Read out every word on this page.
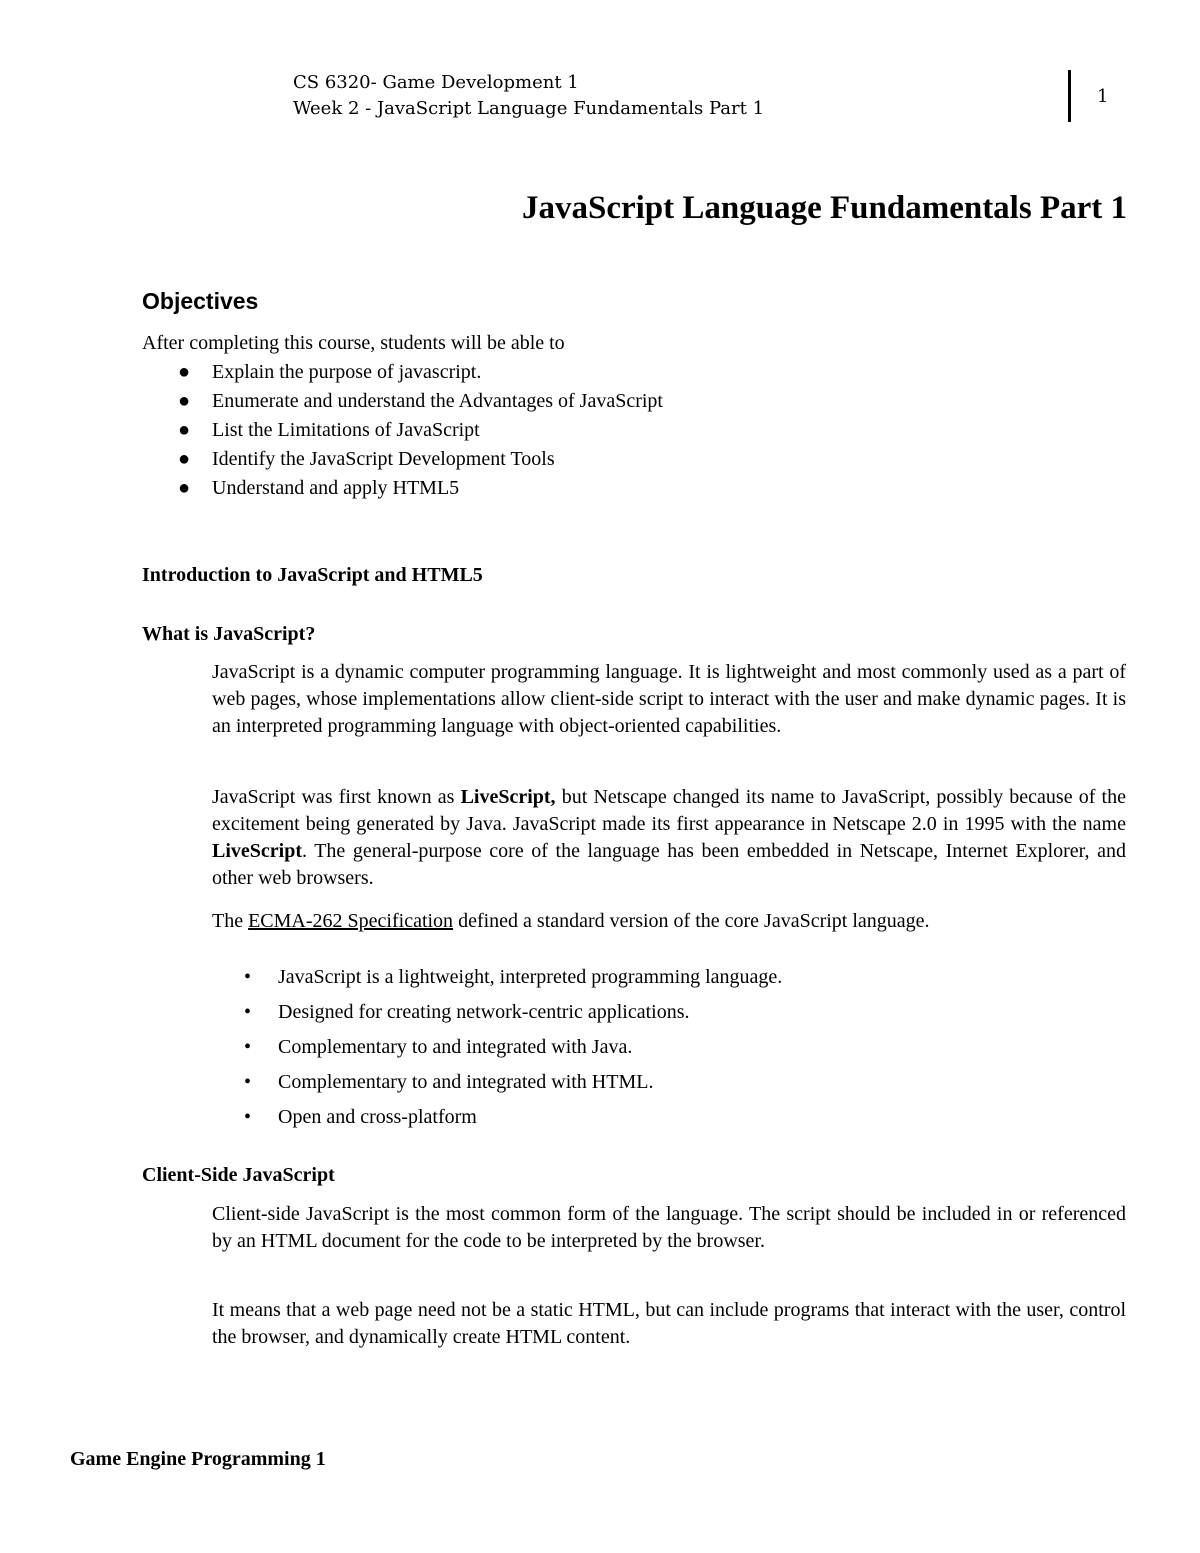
CS 6320- Game Development 1
Week 2 - JavaScript Language Fundamentals Part 1
1
JavaScript Language Fundamentals Part 1
Objectives
After completing this course, students will be able to
●	Explain the purpose of javascript.
●	Enumerate and understand the Advantages of JavaScript
●	List the Limitations of JavaScript
●	Identify the JavaScript Development Tools
●	Understand and apply HTML5
Introduction to JavaScript and HTML5
What is JavaScript?
JavaScript is a dynamic computer programming language. It is lightweight and most commonly used as a part of web pages, whose implementations allow client-side script to interact with the user and make dynamic pages. It is an interpreted programming language with object-oriented capabilities.
JavaScript was first known as LiveScript, but Netscape changed its name to JavaScript, possibly because of the excitement being generated by Java. JavaScript made its first appearance in Netscape 2.0 in 1995 with the name LiveScript. The general-purpose core of the language has been embedded in Netscape, Internet Explorer, and other web browsers.
The ECMA-262 Specification defined a standard version of the core JavaScript language.
•	JavaScript is a lightweight, interpreted programming language.
•	Designed for creating network-centric applications.
•	Complementary to and integrated with Java.
•	Complementary to and integrated with HTML.
•	Open and cross-platform
Client-Side JavaScript
Client-side JavaScript is the most common form of the language. The script should be included in or referenced by an HTML document for the code to be interpreted by the browser.
It means that a web page need not be a static HTML, but can include programs that interact with the user, control the browser, and dynamically create HTML content.
Game Engine Programming 1
